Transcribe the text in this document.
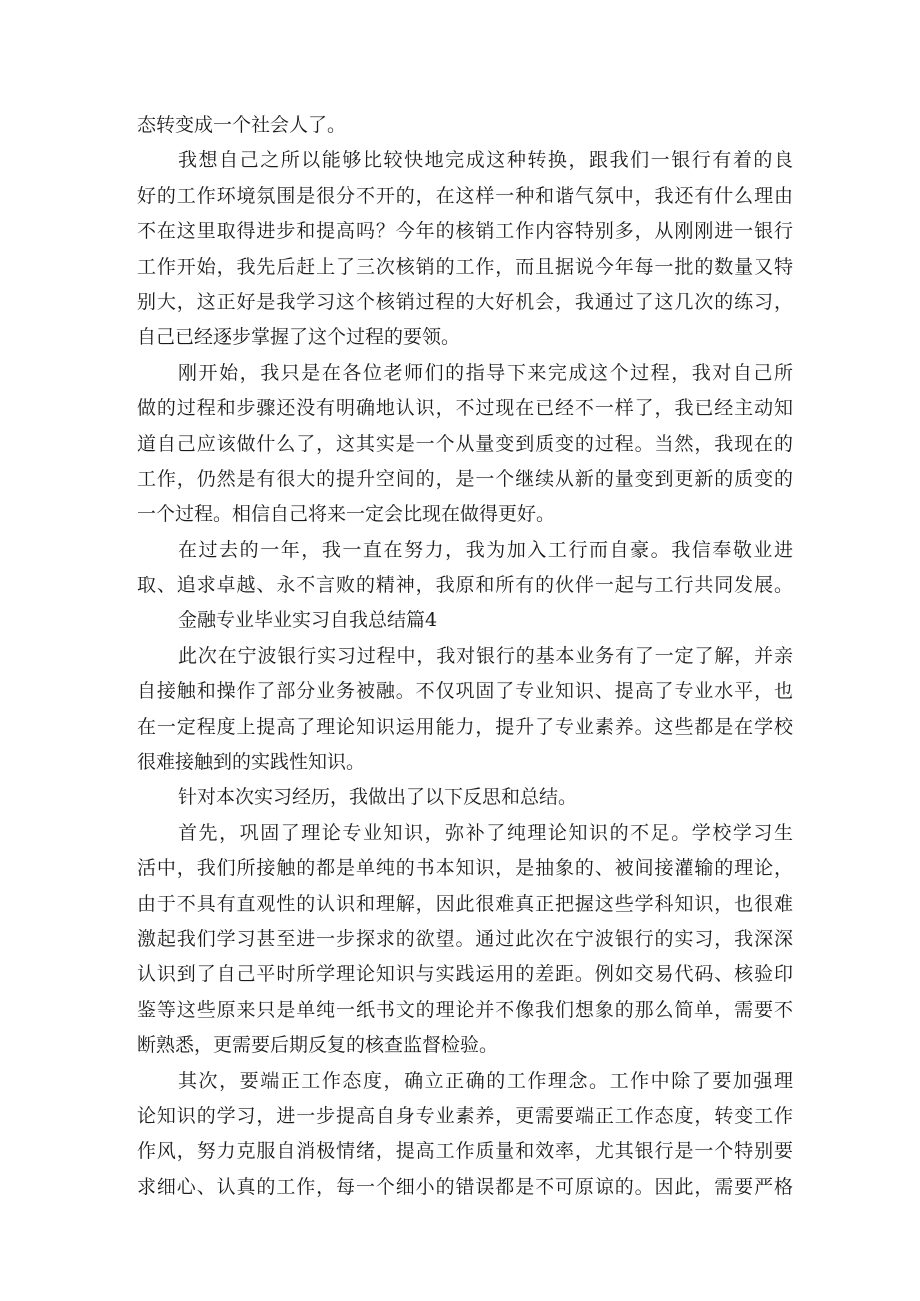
态转变成一个社会人了。
我想自己之所以能够比较快地完成这种转换，跟我们一银行有着的良
好的工作环境氛围是很分不开的，在这样一种和谐气氛中，我还有什么理由
不在这里取得进步和提高吗？今年的核销工作内容特别多，从刚刚进一银行
工作开始，我先后赶上了三次核销的工作，而且据说今年每一批的数量又特
别大，这正好是我学习这个核销过程的大好机会，我通过了这几次的练习，
自己已经逐步掌握了这个过程的要领。
刚开始，我只是在各位老师们的指导下来完成这个过程，我对自己所
做的过程和步骤还没有明确地认识，不过现在已经不一样了，我已经主动知
道自己应该做什么了，这其实是一个从量变到质变的过程。当然，我现在的
工作，仍然是有很大的提升空间的，是一个继续从新的量变到更新的质变的
一个过程。相信自己将来一定会比现在做得更好。
在过去的一年，我一直在努力，我为加入工行而自豪。我信奉敬业进
取、追求卓越、永不言败的精神，我原和所有的伙伴一起与工行共同发展。
金融专业毕业实习自我总结篇4
此次在宁波银行实习过程中，我对银行的基本业务有了一定了解，并亲
自接触和操作了部分业务被融。不仅巩固了专业知识、提高了专业水平，也
在一定程度上提高了理论知识运用能力，提升了专业素养。这些都是在学校
很难接触到的实践性知识。
针对本次实习经历，我做出了以下反思和总结。
首先，巩固了理论专业知识，弥补了纯理论知识的不足。学校学习生
活中，我们所接触的都是单纯的书本知识，是抽象的、被间接灌输的理论，
由于不具有直观性的认识和理解，因此很难真正把握这些学科知识，也很难
激起我们学习甚至进一步探求的欲望。通过此次在宁波银行的实习，我深深
认识到了自己平时所学理论知识与实践运用的差距。例如交易代码、核验印
鉴等这些原来只是单纯一纸书文的理论并不像我们想象的那么简单，需要不
断熟悉，更需要后期反复的核查监督检验。
其次，要端正工作态度，确立正确的工作理念。工作中除了要加强理
论知识的学习，进一步提高自身专业素养，更需要端正工作态度，转变工作
作风，努力克服自消极情绪，提高工作质量和效率，尤其银行是一个特别要
求细心、认真的工作，每一个细小的错误都是不可原谅的。因此，需要严格
